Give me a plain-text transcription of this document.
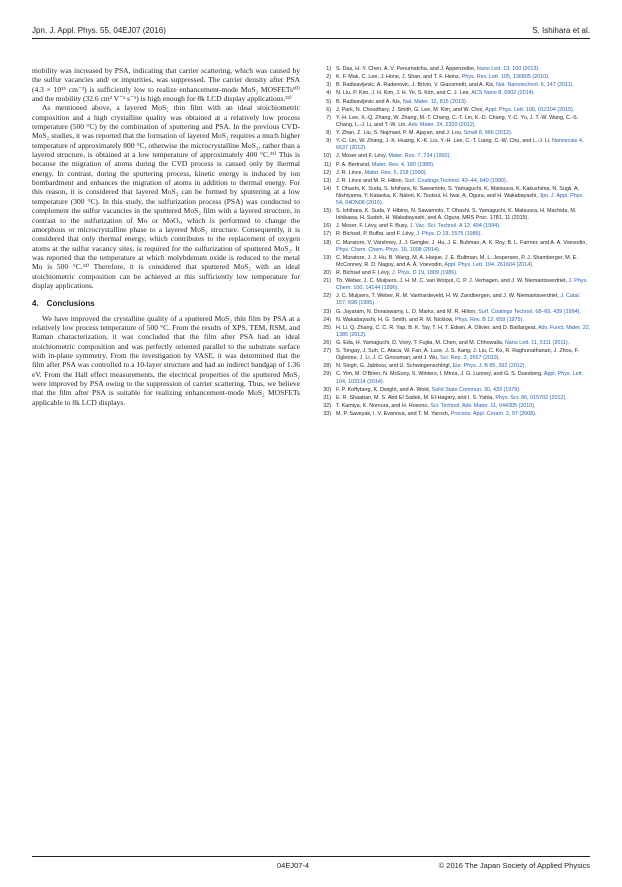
Jpn. J. Appl. Phys. 55, 04EJ07 (2016)	S. Ishihara et al.

mobility was increased by PSA, indicating that carrier scattering, which was caused by the sulfur vacancies and/ or impurities, was suppressed. The carrier density after PSA (4.3 × 10¹⁵ cm⁻³) is sufficiently low to realize enhancement-mode MoS₂ MOSFETs¹⁰⁾ and the mobility (32.6 cm² V⁻¹ s⁻¹) is high enough for 8k LCD display applications.³²⁾

As mentioned above, a layered MoS₂ thin film with an ideal stoichiometric composition and a high crystalline quality was obtained at a relatively low process temperature (500 °C) by the combination of sputtering and PSA. In the previous CVD-MoS₂ studies, it was reported that the formation of layered MoS₂ requires a much higher temperature of approximately 800 °C, otherwise the microcrystalline MoS₂, rather than a layered structure, is obtained at a low temperature of approximately 400 °C.²³⁾ This is because the migration of atoms during the CVD process is caused only by thermal energy. In contrast, during the sputtering process, kinetic energy is induced by ion bombardment and enhances the migration of atoms in addition to thermal energy. For this reason, it is considered that layered MoS₂ can be formed by sputtering at a low temperature (300 °C). In this study, the sulfurization process (PSA) was conducted to complement the sulfur vacancies in the sputtered MoS₂ film with a layered structure, in contrast to the sulfurization of Mo or MoOₓ, which is performed to change the amorphous or microcrystalline phase to a layered MoS₂ structure. Consequently, it is considered that only thermal energy, which contributes to the replacement of oxygen atoms at the sulfur vacancy sites, is required for the sulfurization of sputtered MoS₂. It was reported that the temperature at which molybdenum oxide is reduced to the metal Mo is 500 °C.³³⁾ Therefore, it is considered that sputtered MoS₂ with an ideal stoichiometric composition can be achieved at this sufficiently low temperature for display applications.

4. Conclusions

We have improved the crystalline quality of a sputtered MoS₂ thin film by PSA at a relatively low process temperature of 500 °C. From the results of XPS, TEM, RSM, and Raman characterization, it was concluded that the film after PSA had an ideal stoichiometric composition and was perfectly oriented parallel to the substrate surface with in-plane symmetry. From the investigation by VASE, it was determined that the film after PSA was controlled to a 10-layer structure and had an indirect bandgap of 1.36 eV. From the Hall effect measurements, the electrical properties of the sputtered MoS₂ were improved by PSA owing to the suppression of carrier scattering. Thus, we believe that the film after PSA is suitable for realizing enhancement-mode MoS₂ MOSFETs applicable to 8k LCD displays.

1) S. Das, H.-Y. Chen, A. V. Penumatcha, and J. Appenzeller, Nano Lett. 13, 100 (2013).
2) K. F. Mak, C. Lee, J. Hone, J. Shan, and T. F. Heinz, Phys. Rev. Lett. 105, 136805 (2010).
3) B. Radisavljevic, A. Radenovic, J. Brivio, V. Giacometti, and A. Kis, Nat. Nanotechnol. 6, 147 (2011).
4) N. Liu, P. Kim, J. H. Kim, J. H. Ye, S. Kim, and C. J. Lee, ACS Nano 8, 6902 (2014).
5) B. Radisavljevic and A. Kis, Nat. Mater. 12, 815 (2013).
6) J. Park, N. Choudhary, J. Smith, G. Lee, M. Kim, and W. Choi, Appl. Phys. Lett. 106, 012104 (2015).
7) Y.-H. Lee, X.-Q. Zhang, W. Zhang, M.-T. Chang, C.-T. Lin, K.-D. Chang, Y.-C. Yu, J. T.-W. Wang, C.-S. Chang, L.-J. Li, and T.-W. Lin, Adv. Mater. 24, 2320 (2012).
8) Y. Zhan, Z. Liu, S. Najmaei, P. M. Ajayan, and J. Lou, Small 8, 966 (2012).
9) Y.-C. Lin, W. Zhang, J.-K. Huang, K.-K. Liu, Y.-H. Lee, C.-T. Liang, C.-W. Chu, and L.-J. Li, Nanoscale 4, 6637 (2012).
10) J. Moser and F. Lévy, Mater. Res. 7, 734 (1992).
11) P. A. Bertrand, Mater. Res. 4, 180 (1989).
12) J. R. Lince, Mater. Res. 5, 218 (1990).
13) J. R. Lince and M. R. Hilton, Surf. Coatings Technol. 43–44, 640 (1990).
14) T. Ohashi, K. Suda, S. Ishihara, N. Sawamoto, S. Yamaguchi, K. Matsuura, K. Kakushima, N. Sugii, A. Nishiyama, Y. Kataoka, K. Natori, K. Tsutsui, H. Iwai, A. Ogura, and H. Wakabayashi, Jpn. J. Appl. Phys. 54, 04DN08 (2015).
15) S. Ishihara, K. Suda, Y. Hibino, N. Sawamoto, T. Ohashi, S. Yamaguchi, K. Matsuura, H. Machida, M. Ishikawa, H. Sudoh, H. Wakabayashi, and A. Ogura, MRS Proc. 1781, 11 (2015).
16) J. Moser, F. Lévy, and F. Busy, J. Vac. Sci. Technol. A 12, 494 (1994).
17) R. Bichsel, P. Buffat, and F. Lévy, J. Phys. D 19, 1575 (1986).
18) C. Muratore, V. Varshney, J. J. Gengler, J. Hu, J. E. Bultman, A. K. Roy, B. L. Farmer, and A. A. Voevodin, Phys. Chem. Chem. Phys. 16, 1008 (2014).
19) C. Muratore, J. J. Hu, B. Wang, M. A. Haque, J. E. Bultman, M. L. Jespersen, P. J. Shamberger, M. E. McConney, R. D. Naguy, and A. A. Voevodin, Appl. Phys. Lett. 104, 261604 (2014).
20) R. Bichsel and F. Lévy, J. Phys. D 19, 1809 (1986).
21) Th. Weber, J. C. Muijsers, J. H. M. C. van Wolput, C. P. J. Verhagen, and J. W. Niemantsverdriet, J. Phys. Chem. 100, 14144 (1996).
22) J. C. Muijsers, T. Weber, R. M. Vanhardeveld, H. W. Zandbergen, and J. W. Niemantsverdriet, J. Catal. 157, 698 (1995).
23) G. Jayaram, N. Doraiswamy, L. D. Marks, and M. R. Hilton, Surf. Coatings Technol. 68–69, 439 (1994).
24) N. Wakabayashi, H. G. Smith, and R. M. Nicklow, Phys. Rev. B 12, 659 (1975).
25) H. Li, Q. Zhang, C. C. R. Yap, B. K. Tay, T. H. T. Edwin, A. Olivier, and D. Baillargeat, Adv. Funct. Mater. 22, 1385 (2012).
26) G. Eda, H. Yamaguchi, D. Voiry, T. Fujita, M. Chen, and M. Chhowalla, Nano Lett. 11, 5111 (2011).
27) S. Tongay, J. Suh, C. Ataca, W. Fan, A. Luce, J. S. Kang, J. Liu, C. Ko, R. Raghunathanan, J. Zhou, F. Ogletree, J. Li, J. C. Grossman, and J. Wu, Sci. Rep. 3, 2657 (2013).
28) N. Singh, G. Jabbour, and U. Schwingenschlögl, Eur. Phys. J. B 85, 392 (2012).
29) C. Yim, M. O'Brien, N. McEvoy, S. Winters, I. Mirza, J. G. Lunney, and G. S. Duesberg, Appl. Phys. Lett. 104, 103114 (2014).
30) F. P. Koffyberg, K. Dwight, and A. Wold, Solid State Commun. 30, 433 (1979).
31) E. R. Shaaban, M. S. Abd El Sadek, M. El-Hagary, and I. S. Yahia, Phys. Scr. 86, 015702 (2012).
32) T. Kamiya, K. Nomura, and H. Hosono, Sci. Technol. Adv. Mater. 11, 044305 (2010).
33) M. P. Saveyak, I. V. Evanova, and T. M. Yarosh, Process. Appl. Ceram. 2, 97 (2008).
04EJ07-4	© 2016 The Japan Society of Applied Physics
